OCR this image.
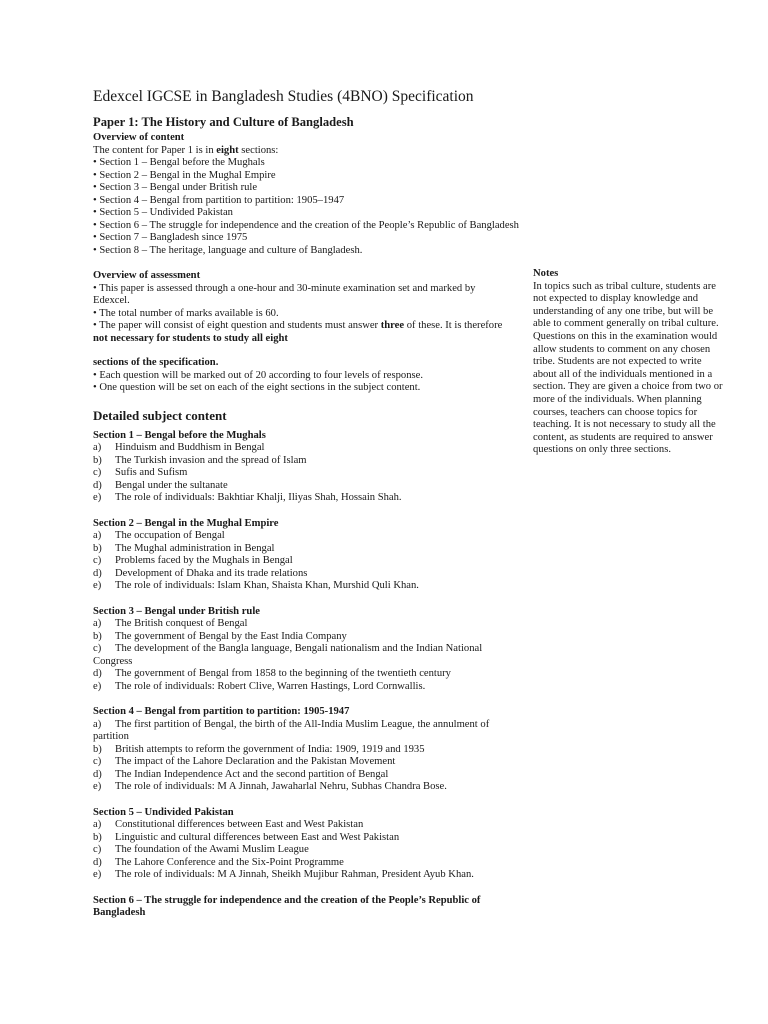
Edexcel IGCSE in Bangladesh Studies (4BNO) Specification
Paper 1: The History and Culture of Bangladesh

Overview of content

The content for Paper 1 is in eight sections:

• Section 1 – Bengal before the Mughals
• Section 2 – Bengal in the Mughal Empire
• Section 3 – Bengal under British rule
• Section 4 – Bengal from partition to partition: 1905–1947
• Section 5 – Undivided Pakistan
• Section 6 – The struggle for independence and the creation of the People’s Republic of Bangladesh
• Section 7 – Bangladesh since 1975
• Section 8 – The heritage, language and culture of Bangladesh.

Overview of assessment

• This paper is assessed through a one-hour and 30-minute examination set and marked by Edexcel.

• The total number of marks available is 60.

• The paper will consist of eight question and students must answer three of these. It is therefore not necessary for students to study all eight

sections of the specification.

• Each question will be marked out of 20 according to four levels of response.

• One question will be set on each of the eight sections in the subject content.

Detailed subject content

Section 1 – Bengal before the Mughals

a) Hinduism and Buddhism in Bengal
b) The Turkish invasion and the spread of Islam
c) Sufis and Sufism
d) Bengal under the sultanate
e) The role of individuals: Bakhtiar Khalji, Iliyas Shah, Hossain Shah.

Section 2 – Bengal in the Mughal Empire

a) The occupation of Bengal
b) The Mughal administration in Bengal
c) Problems faced by the Mughals in Bengal
d) Development of Dhaka and its trade relations
e) The role of individuals: Islam Khan, Shaista Khan, Murshid Quli Khan.

Section 3 – Bengal under British rule

a) The British conquest of Bengal
b) The government of Bengal by the East India Company
c) The development of the Bangla language, Bengali nationalism and the Indian National Congress
d) The government of Bengal from 1858 to the beginning of the twentieth century
e) The role of individuals: Robert Clive, Warren Hastings, Lord Cornwallis.

Section 4 – Bengal from partition to partition: 1905-1947

a) The first partition of Bengal, the birth of the All-India Muslim League, the annulment of partition
b) British attempts to reform the government of India: 1909, 1919 and 1935
c) The impact of the Lahore Declaration and the Pakistan Movement
d) The Indian Independence Act and the second partition of Bengal
e) The role of individuals: M A Jinnah, Jawaharlal Nehru, Subhas Chandra Bose.

Section 5 – Undivided Pakistan

a) Constitutional differences between East and West Pakistan
b) Linguistic and cultural differences between East and West Pakistan
c) The foundation of the Awami Muslim League
d) The Lahore Conference and the Six-Point Programme
e) The role of individuals: M A Jinnah, Sheikh Mujibur Rahman, President Ayub Khan.

Section 6 – The struggle for independence and the creation of the People’s Republic of Bangladesh

Notes

In topics such as tribal culture, students are not expected to display knowledge and understanding of any one tribe, but will be able to comment generally on tribal culture. Questions on this in the examination would allow students to comment on any chosen tribe. Students are not expected to write about all of the individuals mentioned in a section. They are given a choice from two or more of the individuals. When planning courses, teachers can choose topics for teaching. It is not necessary to study all the content, as students are required to answer questions on only three sections.
